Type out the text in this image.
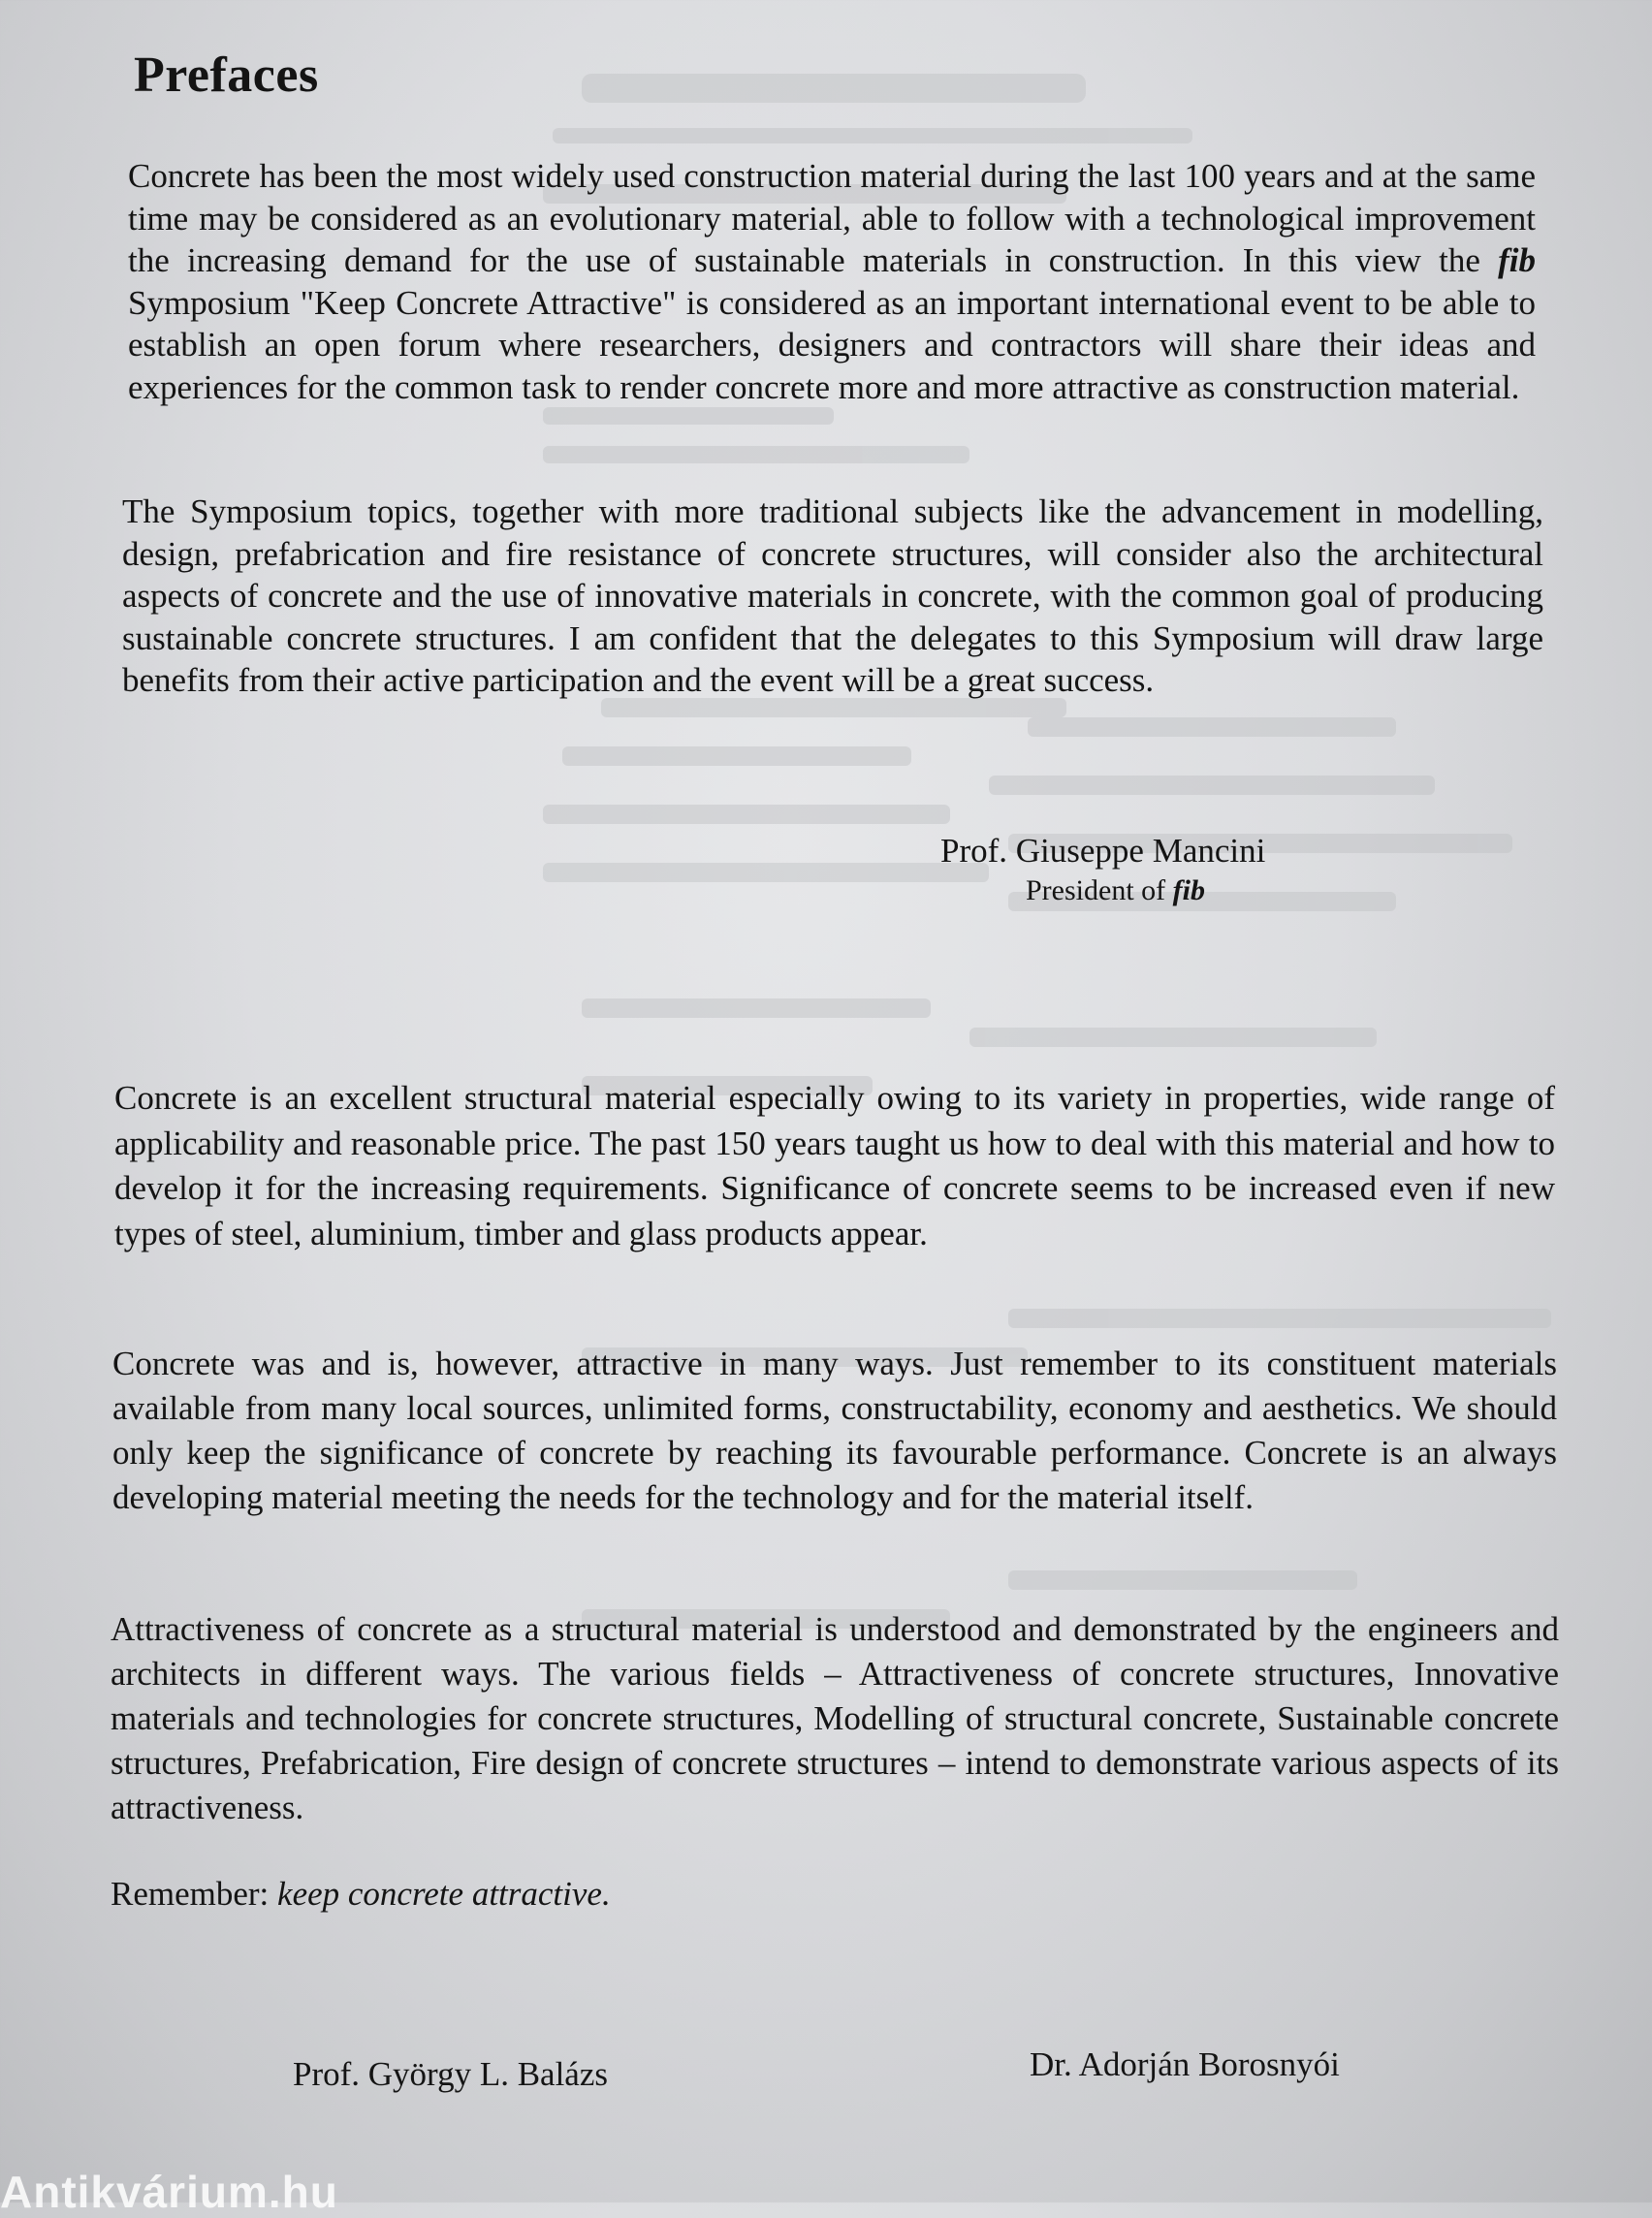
Prefaces

Concrete has been the most widely used construction material during the last 100 years and at the same time may be considered as an evolutionary material, able to follow with a technological improvement the increasing demand for the use of sustainable materials in construction. In this view the fib Symposium "Keep Concrete Attractive" is considered as an important international event to be able to establish an open forum where researchers, designers and contractors will share their ideas and experiences for the common task to render concrete more and more attractive as construction material.

The Symposium topics, together with more traditional subjects like the advancement in modelling, design, prefabrication and fire resistance of concrete structures, will consider also the architectural aspects of concrete and the use of innovative materials in concrete, with the common goal of producing sustainable concrete structures. I am confident that the delegates to this Symposium will draw large benefits from their active participation and the event will be a great success.

Prof. Giuseppe Mancini
President of fib

Concrete is an excellent structural material especially owing to its variety in properties, wide range of applicability and reasonable price. The past 150 years taught us how to deal with this material and how to develop it for the increasing requirements. Significance of concrete seems to be increased even if new types of steel, aluminium, timber and glass products appear.

Concrete was and is, however, attractive in many ways. Just remember to its constituent materials available from many local sources, unlimited forms, constructability, economy and aesthetics. We should only keep the significance of concrete by reaching its favourable performance. Concrete is an always developing material meeting the needs for the technology and for the material itself.

Attractiveness of concrete as a structural material is understood and demonstrated by the engineers and architects in different ways. The various fields – Attractiveness of concrete structures, Innovative materials and technologies for concrete structures, Modelling of structural concrete, Sustainable concrete structures, Prefabrication, Fire design of concrete structures – intend to demonstrate various aspects of its attractiveness.

Remember: keep concrete attractive.

Prof. György L. Balázs	Dr. Adorján Borosnyói
Antikvárium.hu
